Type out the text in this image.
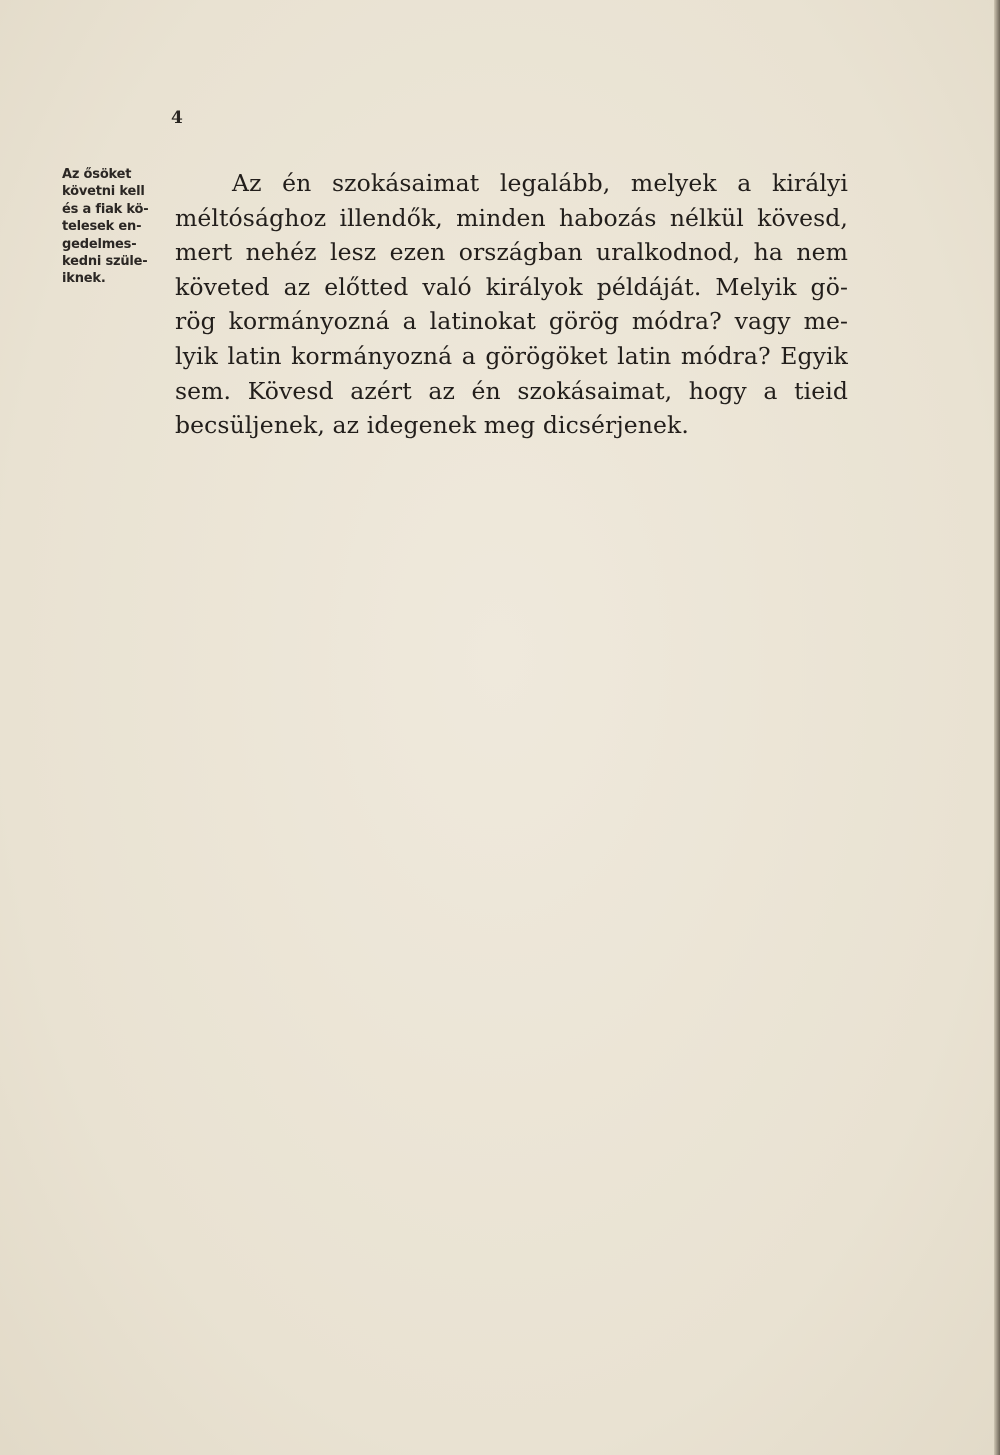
4
Az ősöket
követni kell
és a fiak kö-
telesek en-
gedelmes-
kedni szüle-
iknek.
Az én szokásaimat legalább, melyek a királyi
méltósághoz illendők, minden habozás nélkül kövesd,
mert nehéz lesz ezen országban uralkodnod, ha nem
követed az előtted való királyok példáját. Melyik gö-
rög kormányozná a latinokat görög módra? vagy me-
lyik latin kormányozná a görögöket latin módra? Egyik
sem. Kövesd azért az én szokásaimat, hogy a tieid
becsüljenek, az idegenek meg dicsérjenek.
